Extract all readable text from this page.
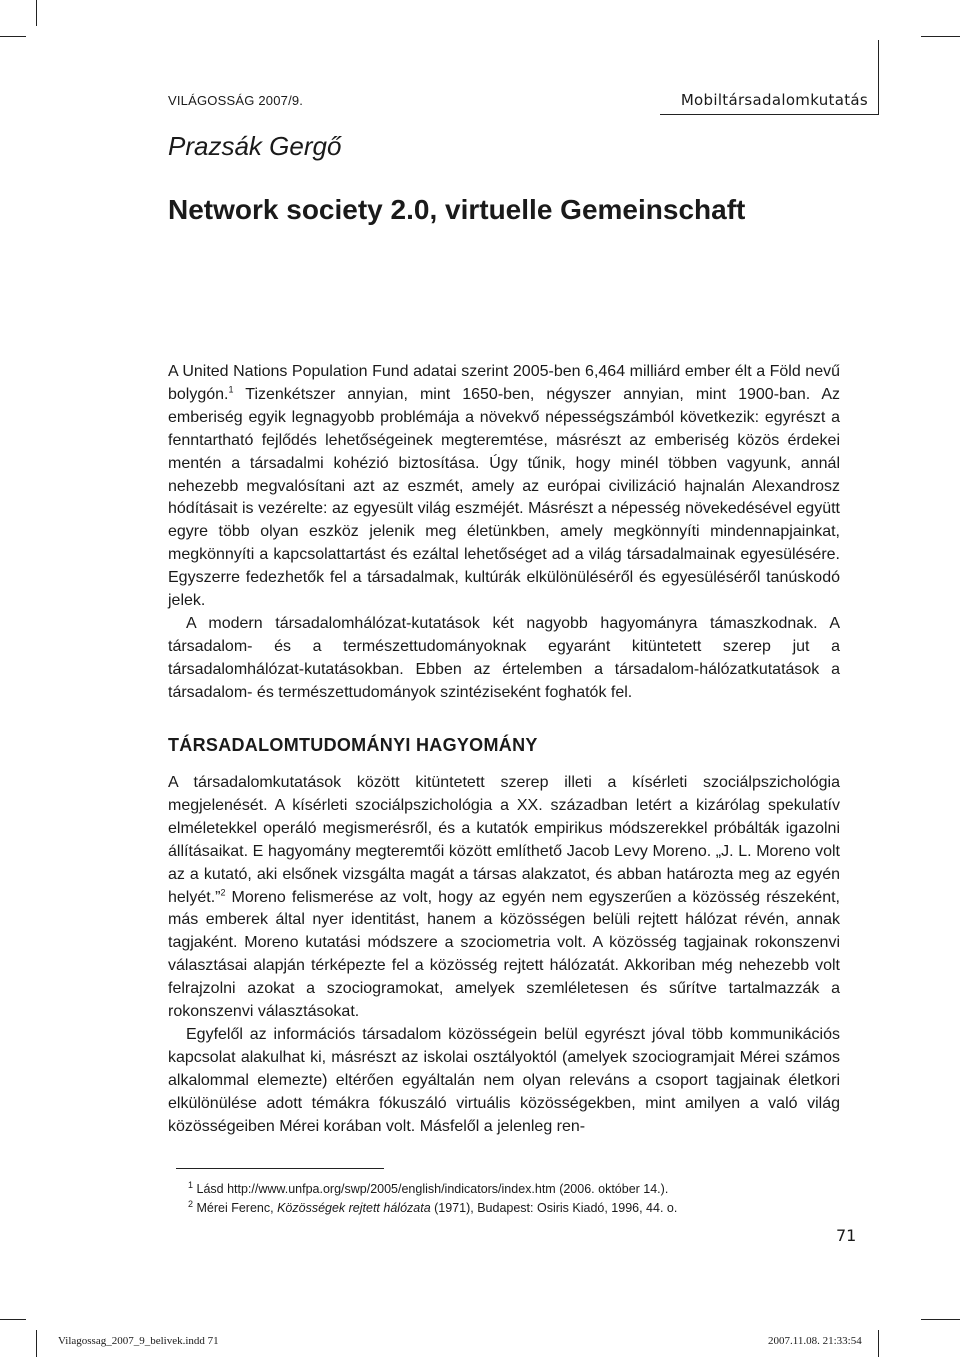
VILÁGOSSÁG 2007/9.	Mobiltársadalomkutatás
Prazsák Gergő
Network society 2.0, virtuelle Gemeinschaft

A United Nations Population Fund adatai szerint 2005-ben 6,464 milliárd ember élt a Föld nevű bolygón.$^1$ Tizenkétszer annyian, mint 1650-ben, négyszer annyian, mint 1900-ban. Az emberiség egyik legnagyobb problémája a növekvő népességszámból következik: egyrészt a fenntartható fejlődés lehetőségeinek megteremtése, másrészt az emberiség közös érdekei mentén a társadalmi kohézió biztosítása. Úgy tűnik, hogy minél többen vagyunk, annál nehezebb megvalósítani azt az eszmét, amely az európai civilizáció hajnalán Alexandrosz hódításait is vezérelte: az egyesült világ eszméjét. Másrészt a népesség növekedésével együtt egyre több olyan eszköz jelenik meg életünkben, amely megkönnyíti mindennapjainkat, megkönnyíti a kapcsolattartást és ezáltal lehetőséget ad a világ társadalmainak egyesülésére. Egyszerre fedezhetők fel a társadalmak, kultúrák elkülönüléséről és egyesüléséről tanúskodó jelek.

A modern társadalomhálózat-kutatások két nagyobb hagyományra támaszkodnak. A társadalom- és a természettudományoknak egyaránt kitüntetett szerep jut a társadalomhálózat-kutatásokban. Ebben az értelemben a társadalom-hálózatkutatások a társadalom- és természettudományok szintéziseként foghatók fel.

TÁRSADALOMTUDOMÁNYI HAGYOMÁNY

A társadalomkutatások között kitüntetett szerep illeti a kísérleti szociálpszichológia megjelenését. A kísérleti szociálpszichológia a XX. században letért a kizárólag spekulatív elméletekkel operáló megismerésről, és a kutatók empirikus módszerekkel próbálták igazolni állításaikat. E hagyomány megteremtői között említhető Jacob Levy Moreno. „J. L. Moreno volt az a kutató, aki elsőnek vizsgálta magát a társas alakzatot, és abban határozta meg az egyén helyét.”$^2$ Moreno felismerése az volt, hogy az egyén nem egyszerűen a közösség részeként, más emberek által nyer identitást, hanem a közösségen belüli rejtett hálózat révén, annak tagjaként. Moreno kutatási módszere a szociometria volt. A közösség tagjainak rokonszenvi választásai alapján térképezte fel a közösség rejtett hálózatát. Akkoriban még nehezebb volt felrajzolni azokat a szociogramokat, amelyek szemléletesen és sűrítve tartalmazzák a rokonszenvi választásokat.

Egyfelől az információs társadalom közösségein belül egyrészt jóval több kommunikációs kapcsolat alakulhat ki, másrészt az iskolai osztályoktól (amelyek szociogramjait Mérei számos alkalommal elemezte) eltérően egyáltalán nem olyan releváns a csoport tagjainak életkori elkülönülése adott témákra fókuszáló virtuális közösségekben, mint amilyen a való világ közösségeiben Mérei korában volt. Másfelől a jelenleg ren-

$^1$ Lásd http://www.unfpa.org/swp/2005/english/indicators/index.htm (2006. október 14.).

$^2$ Mérei Ferenc, Közösségek rejtett hálózata (1971), Budapest: Osiris Kiadó, 1996, 44. o.

71
Vilagossag_2007_9_belivek.indd 71	2007.11.08. 21:33:54
